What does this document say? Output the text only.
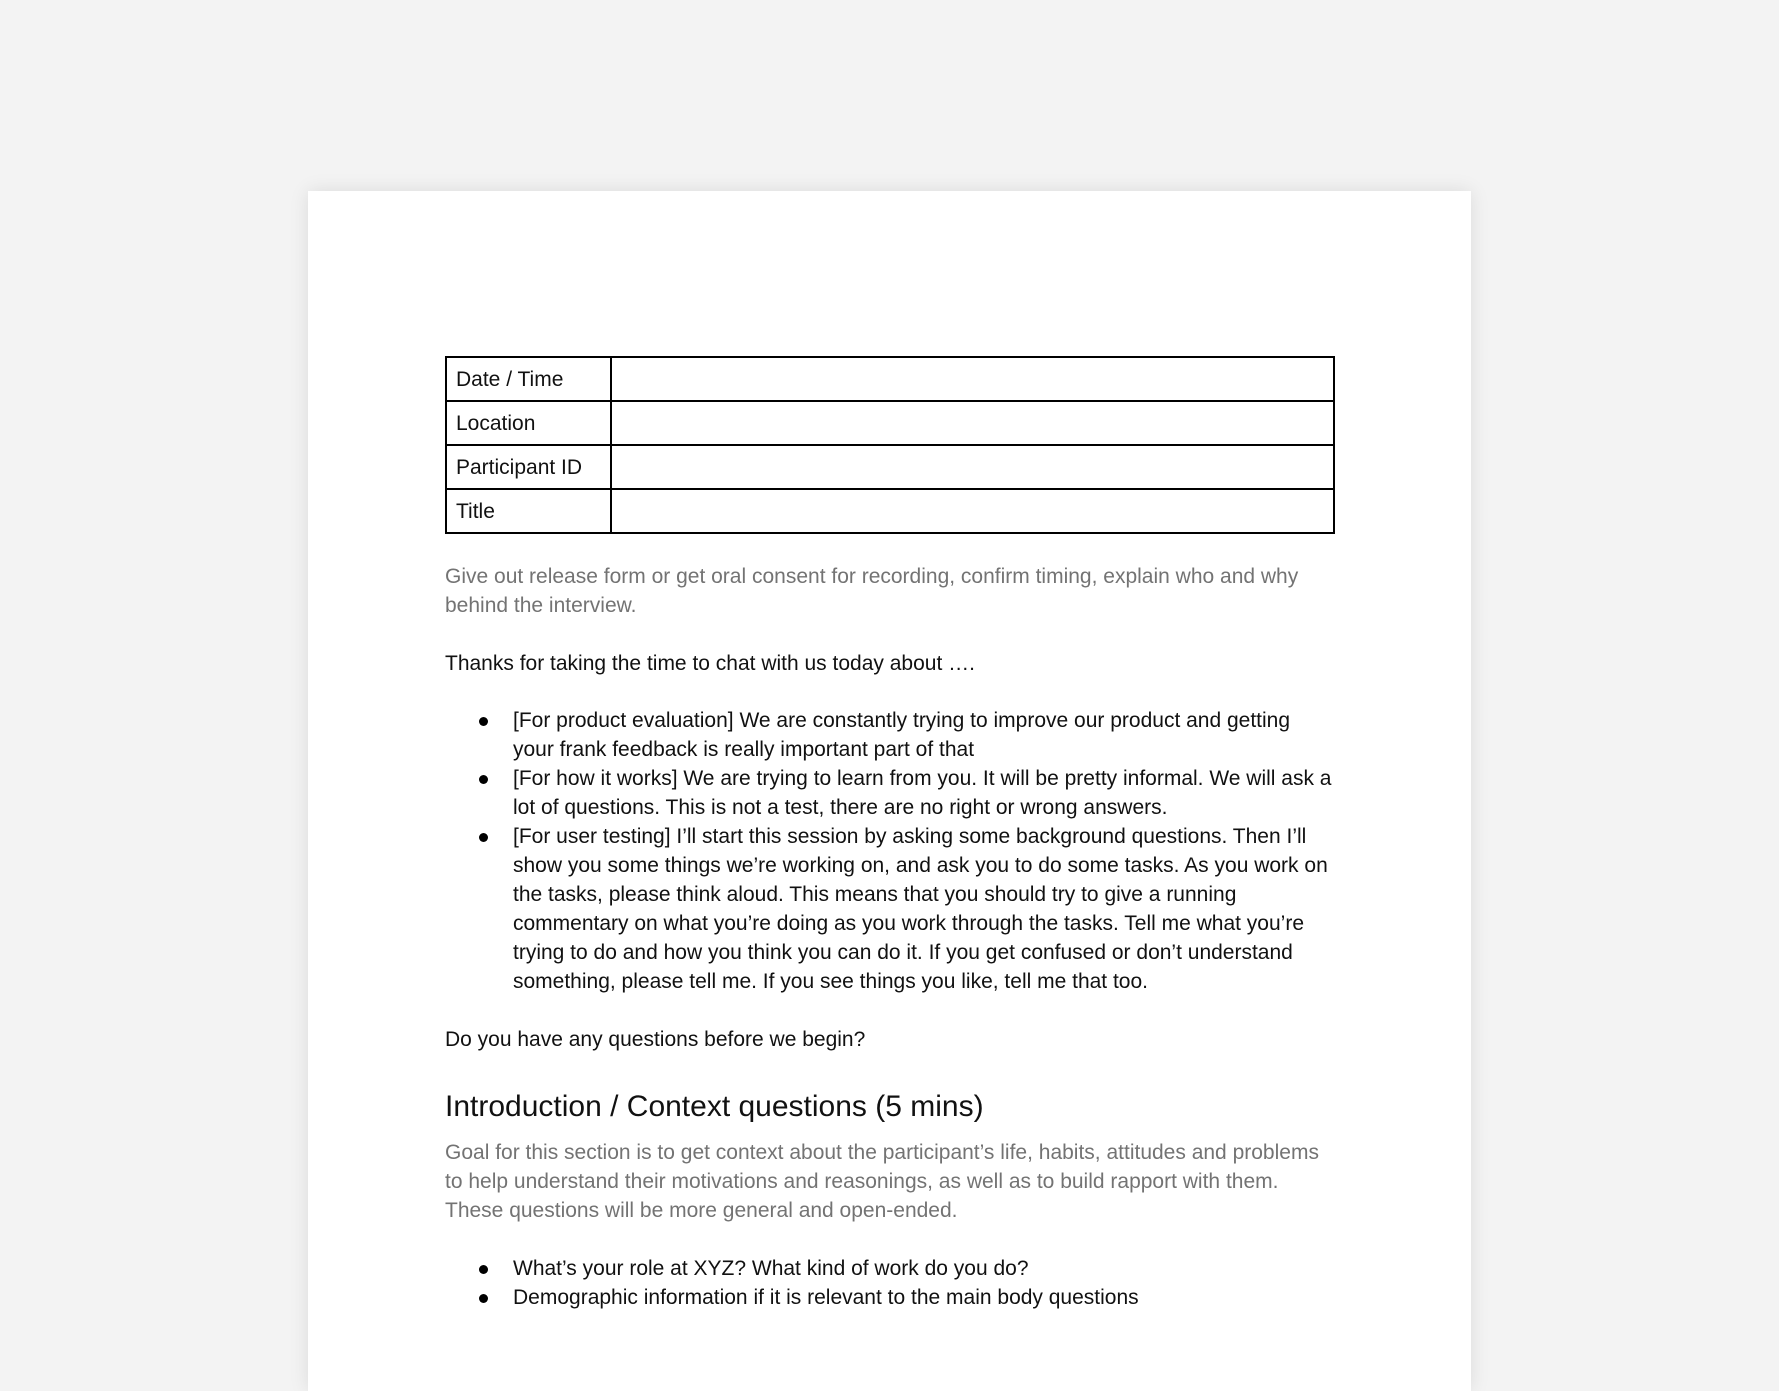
Date / Time	
Location	
Participant ID	
Title	

Give out release form or get oral consent for recording, confirm timing, explain who and why behind the interview.

Thanks for taking the time to chat with us today about ….

[For product evaluation] We are constantly trying to improve our product and getting your frank feedback is really important part of that
[For how it works] We are trying to learn from you. It will be pretty informal. We will ask a lot of questions. This is not a test, there are no right or wrong answers.
[For user testing] I’ll start this session by asking some background questions. Then I’ll show you some things we’re working on, and ask you to do some tasks. As you work on the tasks, please think aloud. This means that you should try to give a running commentary on what you’re doing as you work through the tasks. Tell me what you’re trying to do and how you think you can do it. If you get confused or don’t understand something, please tell me. If you see things you like, tell me that too.

Do you have any questions before we begin?

Introduction / Context questions (5 mins)

Goal for this section is to get context about the participant’s life, habits, attitudes and problems to help understand their motivations and reasonings, as well as to build rapport with them. These questions will be more general and open-ended.

What’s your role at XYZ? What kind of work do you do?
Demographic information if it is relevant to the main body questions
